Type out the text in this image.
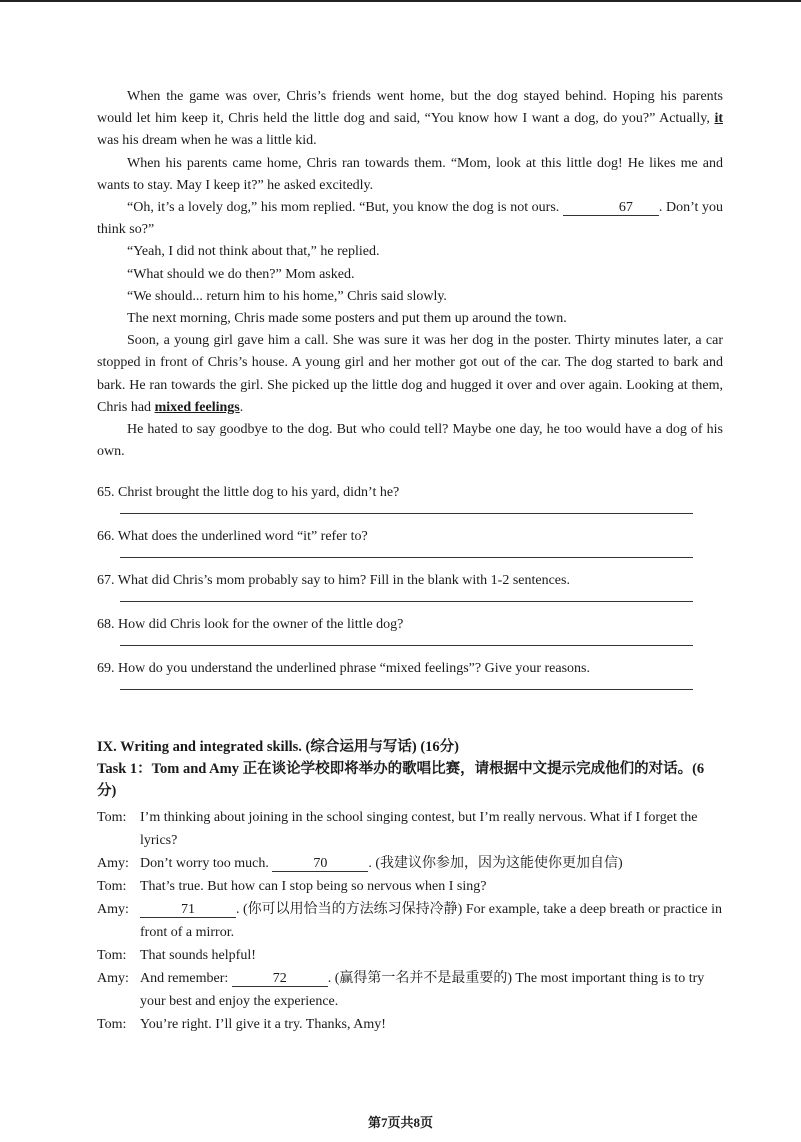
When the game was over, Chris’s friends went home, but the dog stayed behind. Hoping his parents would let him keep it, Chris held the little dog and said, “You know how I want a dog, do you?” Actually, it was his dream when he was a little kid.

When his parents came home, Chris ran towards them. “Mom, look at this little dog! He likes me and wants to stay. May I keep it?” he asked excitedly.

“Oh, it’s a lovely dog,” his mom replied. “But, you know the dog is not ours.	67 . Don’t you think so?”

“Yeah, I did not think about that,” he replied.

“What should we do then?” Mom asked.

“We should... return him to his home,” Chris said slowly.

The next morning, Chris made some posters and put them up around the town.

Soon, a young girl gave him a call. She was sure it was her dog in the poster. Thirty minutes later, a car stopped in front of Chris’s house. A young girl and her mother got out of the car. The dog started to bark and bark. He ran towards the girl. She picked up the little dog and hugged it over and over again. Looking at them, Chris had mixed feelings.

He hated to say goodbye to the dog. But who could tell? Maybe one day, he too would have a dog of his own.

65. Christ brought the little dog to his yard, didn’t he?

66. What does the underlined word “it” refer to?

67. What did Chris’s mom probably say to him? Fill in the blank with 1-2 sentences.

68. How did Chris look for the owner of the little dog?

69. How do you understand the underlined phrase “mixed feelings”? Give your reasons.

IX. Writing and integrated skills. (综合运用与写话) (16分)

Task 1：Tom and Amy 正在谈论学校即将举办的歌唱比赛，请根据中文提示完成他们的对话。(6分)

Tom: I’m thinking about joining in the school singing contest, but I’m really nervous. What if I forget the lyrics?
Amy: Don’t worry too much.	70	. (我建议你参加，因为这能使你更加自信)
Tom: That’s true. But how can I stop being so nervous when I sing?
Amy:	71	. (你可以用恰当的方法练习保持冷静) For example, take a deep breath or practice in front of a mirror.
Tom: That sounds helpful!
Amy: And remember:	72	. (赢得第一名并不是最重要的) The most important thing is to try your best and enjoy the experience.
Tom: You’re right. I’ll give it a try. Thanks, Amy!
第7页共8页
